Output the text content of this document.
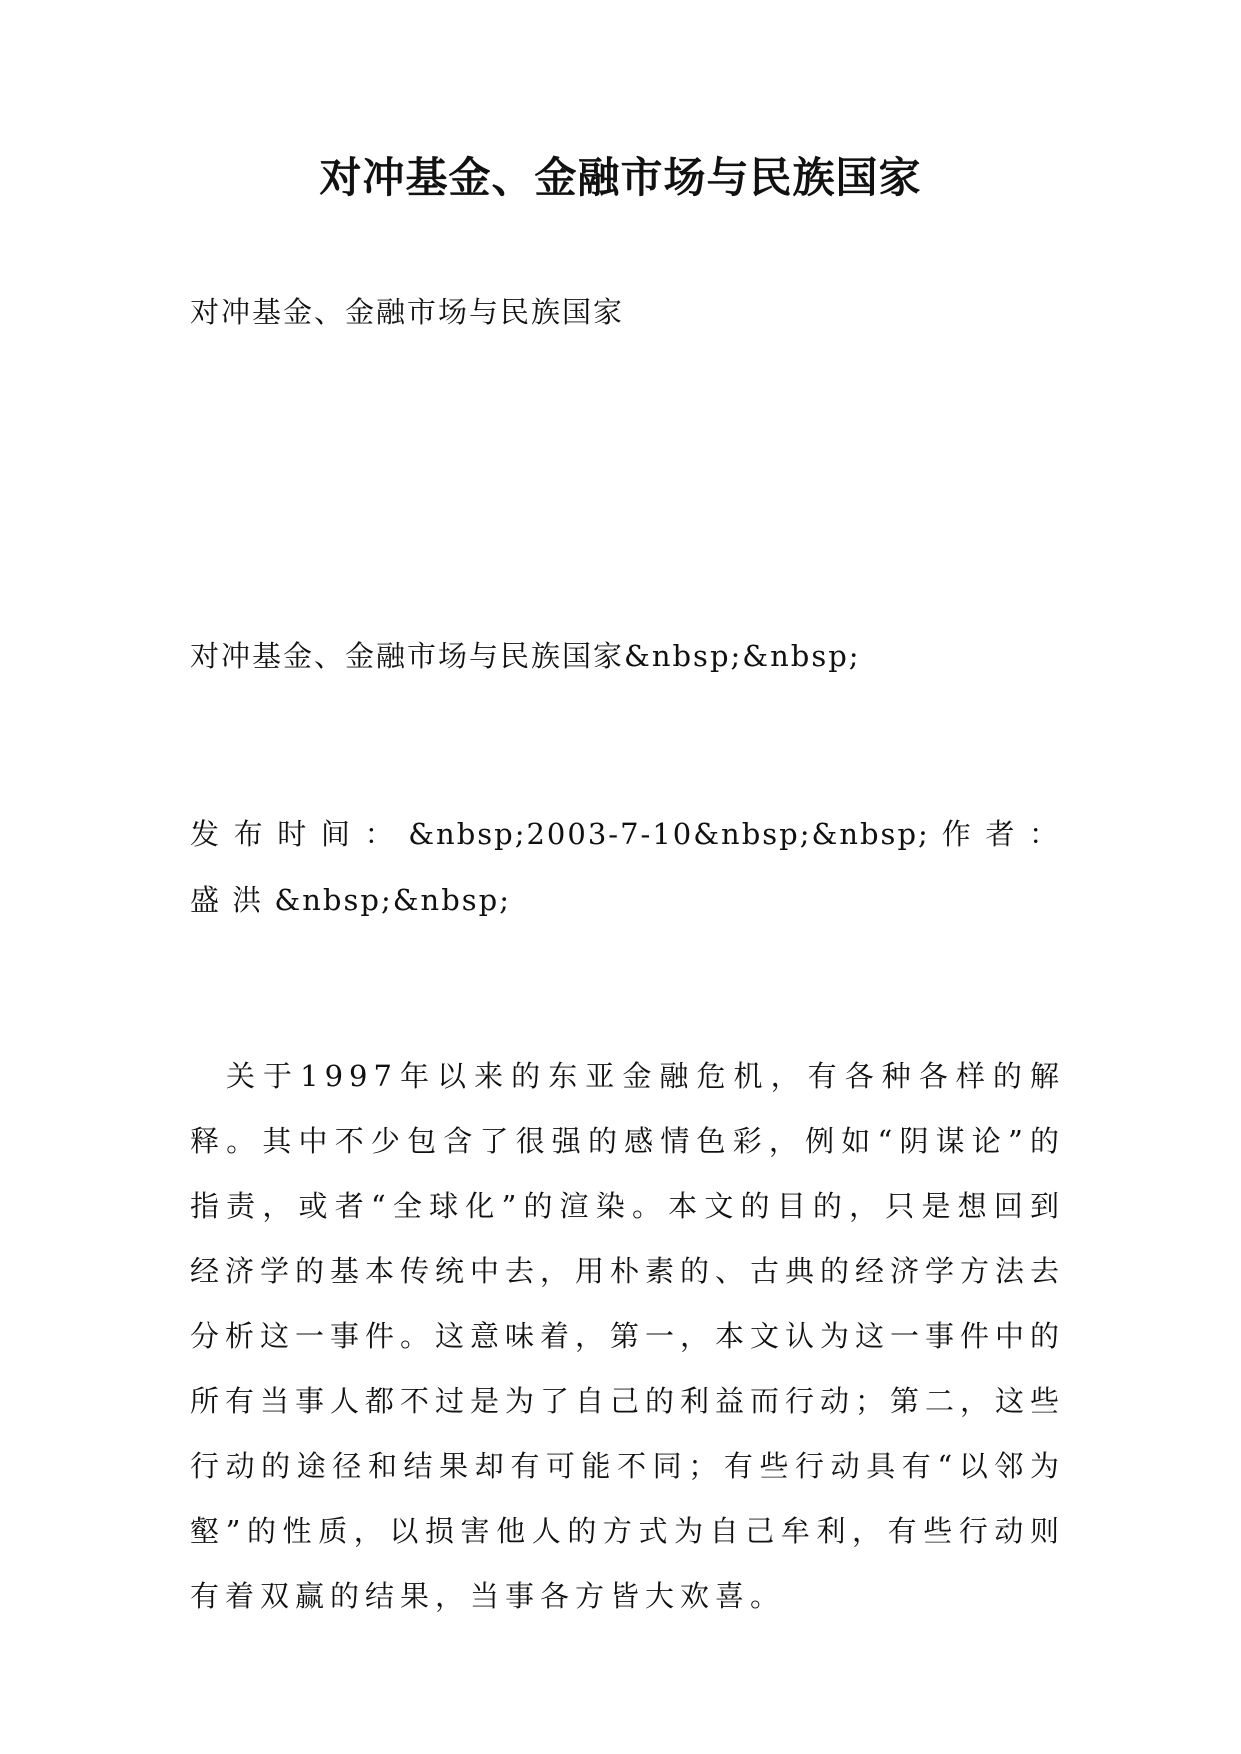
对冲基金、金融市场与民族国家

对冲基金、金融市场与民族国家

对冲基金、金融市场与民族国家&nbsp;&nbsp;

发 布 时 间 ： &nbsp;2003-7-10&nbsp;&nbsp; 作 者 ： 盛 洪 &nbsp;&nbsp;

关于1997年以来的东亚金融危机，有各种各样的解释。其中不少包含了很强的感情色彩，例如“阴谋论”的指责，或者“全球化”的渲染。本文的目的，只是想回到经济学的基本传统中去，用朴素的、古典的经济学方法去分析这一事件。这意味着，第一，本文认为这一事件中的所有当事人都不过是为了自己的利益而行动；第二，这些行动的途径和结果却有可能不同；有些行动具有“以邻为壑”的性质，以损害他人的方式为自己牟利，有些行动则有着双赢的结果，当事各方皆大欢喜。
